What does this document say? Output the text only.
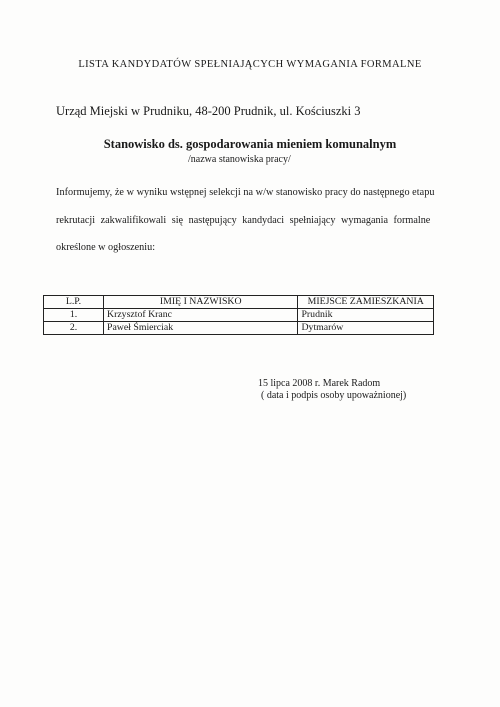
LISTA KANDYDATÓW SPEŁNIAJĄCYCH WYMAGANIA FORMALNE
Urząd Miejski w Prudniku, 48-200 Prudnik, ul. Kościuszki 3
Stanowisko ds. gospodarowania mieniem komunalnym
/nazwa stanowiska pracy/
Informujemy, że w wyniku wstępnej selekcji na w/w stanowisko pracy do następnego etapu
rekrutacji zakwalifikowali się następujący kandydaci spełniający wymagania formalne
określone w ogłoszeniu:
L.P.	IMIĘ I NAZWISKO	MIEJSCE ZAMIESZKANIA
1.	Krzysztof Kranc	Prudnik
2.	Paweł Śmierciak	Dytmarów
15 lipca 2008 r. Marek Radom
( data i podpis osoby upoważnionej)
